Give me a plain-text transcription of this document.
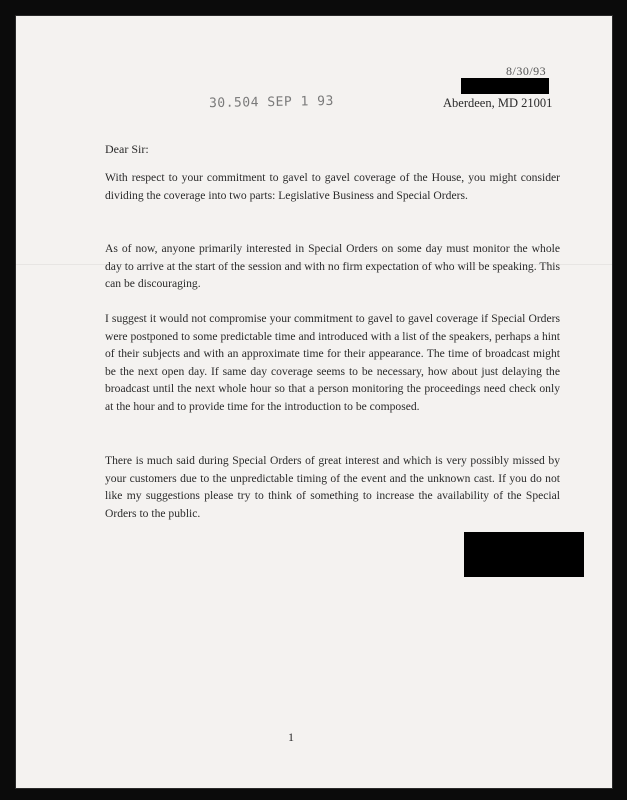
8/30/93
30.504 SEP 1 93	Aberdeen, MD 21001
Dear Sir:

With respect to your commitment to gavel to gavel coverage of the House, you might consider dividing the coverage into two parts: Legislative Business and Special Orders.

As of now, anyone primarily interested in Special Orders on some day must monitor the whole day to arrive at the start of the session and with no firm expectation of who will be speaking. This can be discouraging.

I suggest it would not compromise your commitment to gavel to gavel coverage if Special Orders were postponed to some predictable time and introduced with a list of the speakers, perhaps a hint of their subjects and with an approximate time for their appearance. The time of broadcast might be the next open day. If same day coverage seems to be necessary, how about just delaying the broadcast until the next whole hour so that a person monitoring the proceedings need check only at the hour and to provide time for the introduction to be composed.

There is much said during Special Orders of great interest and which is very possibly missed by your customers due to the unpredictable timing of the event and the unknown cast. If you do not like my suggestions please try to think of something to increase the availability of the Special Orders to the public.

1
